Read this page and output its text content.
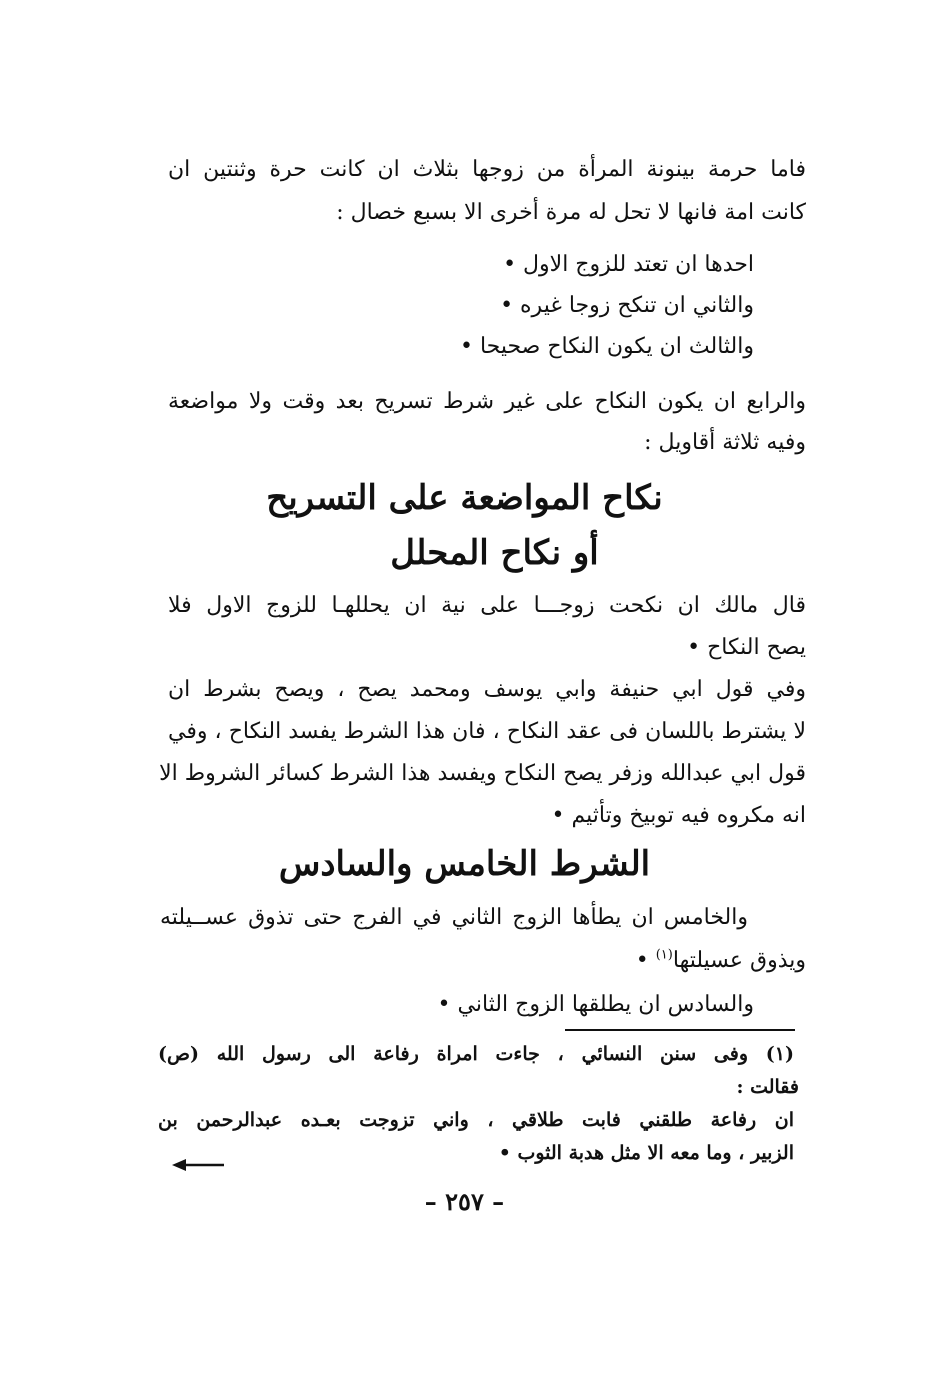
فاما حرمة بينونة المرأة من زوجها بثلاث ان كانت حرة وثنتين ان
كانت امة فانها لا تحل له مرة أخرى الا بسبع خصال :
احدها ان تعتد للزوج الاول •
والثاني ان تنكح زوجا غيره •
والثالث ان يكون النكاح صحيحا •
والرابع ان يكون النكاح على غير شرط تسريح بعد وقت ولا مواضعة
وفيه ثلاثة أقاويل :
نكاح المواضعة على التسريح
أو نكاح المحلل
قال مالك ان نكحت زوجـــا على نية ان يحللهـا للزوج الاول فلا
يصح النكاح •
وفي قول ابي حنيفة وابي يوسف ومحمد يصح ، ويصح بشرط ان
لا يشترط باللسان فى عقد النكاح ، فان هذا الشرط يفسد النكاح ، وفي
قول ابي عبدالله وزفر يصح النكاح ويفسد هذا الشرط كسائر الشروط الا
انه مكروه فيه توبيخ وتأثيم •
الشرط الخامس والسادس
والخامس ان يطأها الزوج الثاني في الفرج حتى تذوق عســيلته
ويذوق عسيلتها$^{(١)}$ •
والسادس ان يطلقها الزوج الثاني •
(١) وفى سنن النسائي ، جاءت امراة رفاعة الى رسول الله (ص)
فقالت :
ان رفاعة طلقني فابت طلاقي ، واني تزوجت بعـده عبدالرحمن بن
الزبير ، وما معه الا مثل هدبة الثوب •
– ٢٥٧ –
